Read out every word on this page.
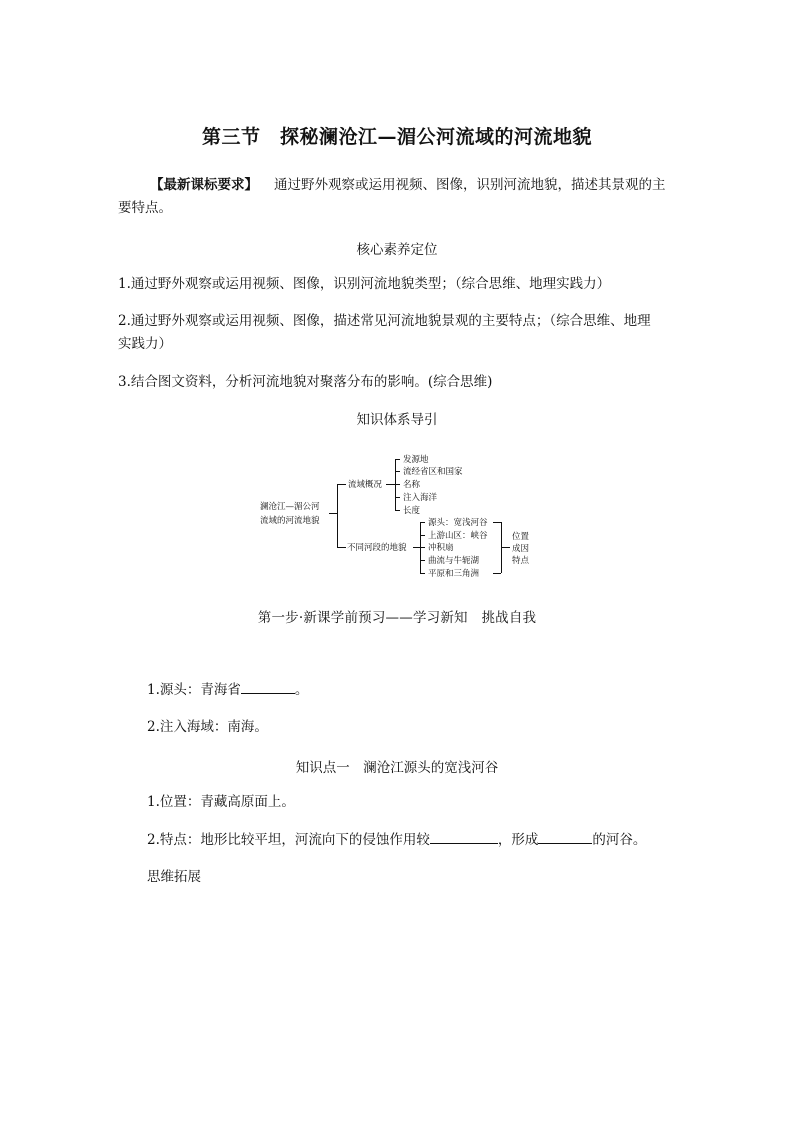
第三节　探秘澜沧江—湄公河流域的河流地貌
【最新课标要求】 通过野外观察或运用视频、图像，识别河流地貌，描述其景观的主
要特点。
核心素养定位
1.通过野外观察或运用视频、图像，识别河流地貌类型；（综合思维、地理实践力）
2.通过野外观察或运用视频、图像，描述常见河流地貌景观的主要特点；（综合思维、地理
实践力）
3.结合图文资料，分析河流地貌对聚落分布的影响。(综合思维)
知识体系导引
澜沧江—湄公河
流域的河流地貌
流域概况
不同河段的地貌
发源地
流经省区和国家
名称
注入海洋
长度
源头：宽浅河谷
上游山区：峡谷
冲积扇
曲流与牛轭湖
平原和三角洲
位置
成因
特点
第一步·新课学前预习——学习新知　挑战自我
1.源头：青海省	。
2.注入海域：南海。
知识点一　澜沧江源头的宽浅河谷
1.位置：青藏高原面上。
2.特点：地形比较平坦，河流向下的侵蚀作用较	，形成	的河谷。
思维拓展
